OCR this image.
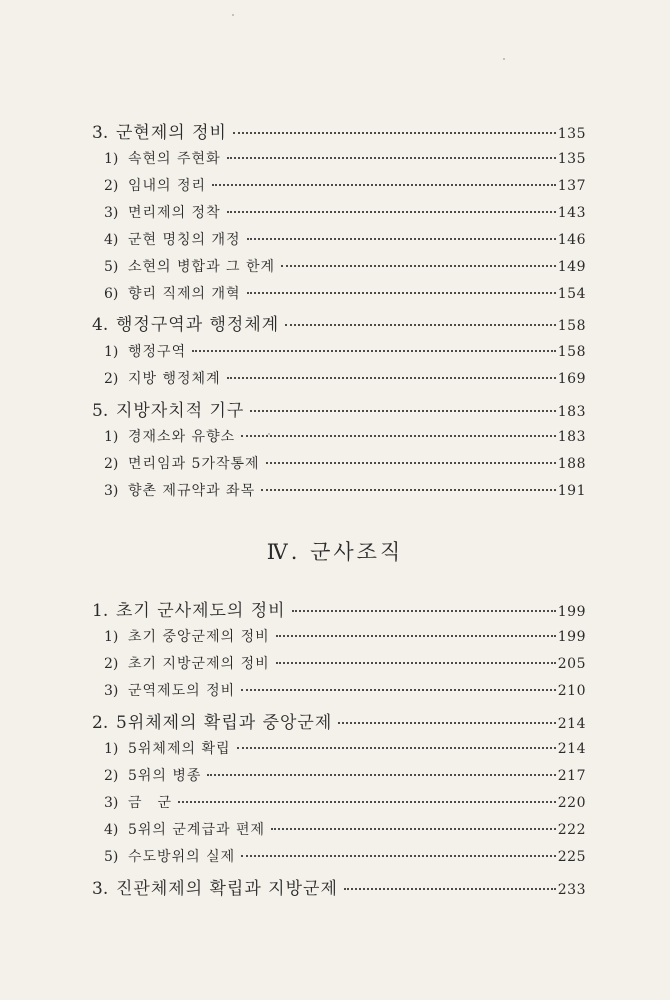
3. 군현제의 정비	135
1) 속현의 주현화	135
2) 임내의 정리	137
3) 면리제의 정착	143
4) 군현 명칭의 개정	146
5) 소현의 병합과 그 한계	149
6) 향리 직제의 개혁	154
4. 행정구역과 행정체계	158
1) 행정구역	158
2) 지방 행정체계	169
5. 지방자치적 기구	183
1) 경재소와 유향소	183
2) 면리임과 5가작통제	188
3) 향촌 제규약과 좌목	191
Ⅳ. 군사조직
1. 초기 군사제도의 정비	199
1) 초기 중앙군제의 정비	199
2) 초기 지방군제의 정비	205
3) 군역제도의 정비	210
2. 5위체제의 확립과 중앙군제	214
1) 5위체제의 확립	214
2) 5위의 병종	217
3) 금　군	220
4) 5위의 군계급과 편제	222
5) 수도방위의 실제	225
3. 진관체제의 확립과 지방군제	233
